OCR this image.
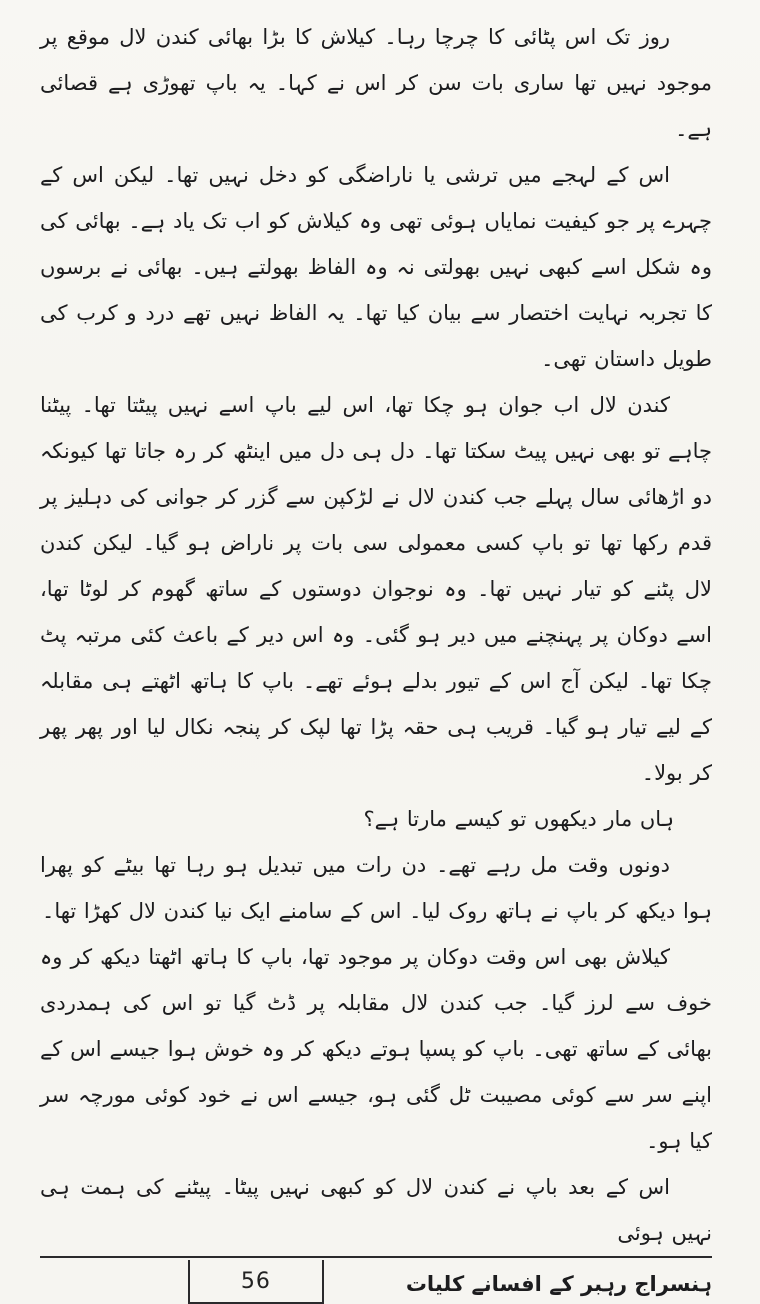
روز تک اس پٹائی کا چرچا رہا۔ کیلاش کا بڑا بھائی کندن لال موقع پر موجود نہیں تھا ساری بات سن کر اس نے کہا۔ یہ باپ تھوڑی ہے قصائی ہے۔

اس کے لہجے میں ترشی یا ناراضگی کو دخل نہیں تھا۔ لیکن اس کے چہرے پر جو کیفیت نمایاں ہوئی تھی وہ کیلاش کو اب تک یاد ہے۔ بھائی کی وہ شکل اسے کبھی نہیں بھولتی نہ وہ الفاظ بھولتے ہیں۔ بھائی نے برسوں کا تجربہ نہایت اختصار سے بیان کیا تھا۔ یہ الفاظ نہیں تھے درد و کرب کی طویل داستان تھی۔

کندن لال اب جوان ہو چکا تھا، اس لیے باپ اسے نہیں پیٹتا تھا۔ پیٹنا چاہے تو بھی نہیں پیٹ سکتا تھا۔ دل ہی دل میں اینٹھ کر رہ جاتا تھا کیونکہ دو اڑھائی سال پہلے جب کندن لال نے لڑکپن سے گزر کر جوانی کی دہلیز پر قدم رکھا تھا تو باپ کسی معمولی سی بات پر ناراض ہو گیا۔ لیکن کندن لال پٹنے کو تیار نہیں تھا۔ وہ نوجوان دوستوں کے ساتھ گھوم کر لوٹا تھا، اسے دوکان پر پہنچنے میں دیر ہو گئی۔ وہ اس دیر کے باعث کئی مرتبہ پٹ چکا تھا۔ لیکن آج اس کے تیور بدلے ہوئے تھے۔ باپ کا ہاتھ اٹھتے ہی مقابلہ کے لیے تیار ہو گیا۔ قریب ہی حقہ پڑا تھا لپک کر پنجہ نکال لیا اور پھر پھر کر بولا۔

ہاں مار دیکھوں تو کیسے مارتا ہے؟

دونوں وقت مل رہے تھے۔ دن رات میں تبدیل ہو رہا تھا بیٹے کو پھرا ہوا دیکھ کر باپ نے ہاتھ روک لیا۔ اس کے سامنے ایک نیا کندن لال کھڑا تھا۔

کیلاش بھی اس وقت دوکان پر موجود تھا، باپ کا ہاتھ اٹھتا دیکھ کر وہ خوف سے لرز گیا۔ جب کندن لال مقابلہ پر ڈٹ گیا تو اس کی ہمدردی بھائی کے ساتھ تھی۔ باپ کو پسپا ہوتے دیکھ کر وہ خوش ہوا جیسے اس کے اپنے سر سے کوئی مصیبت ٹل گئی ہو، جیسے اس نے خود کوئی مورچہ سر کیا ہو۔

اس کے بعد باپ نے کندن لال کو کبھی نہیں پیٹا۔ پیٹنے کی ہمت ہی نہیں ہوئی

56	ہنسراج رہبر کے افسانے کلیات
